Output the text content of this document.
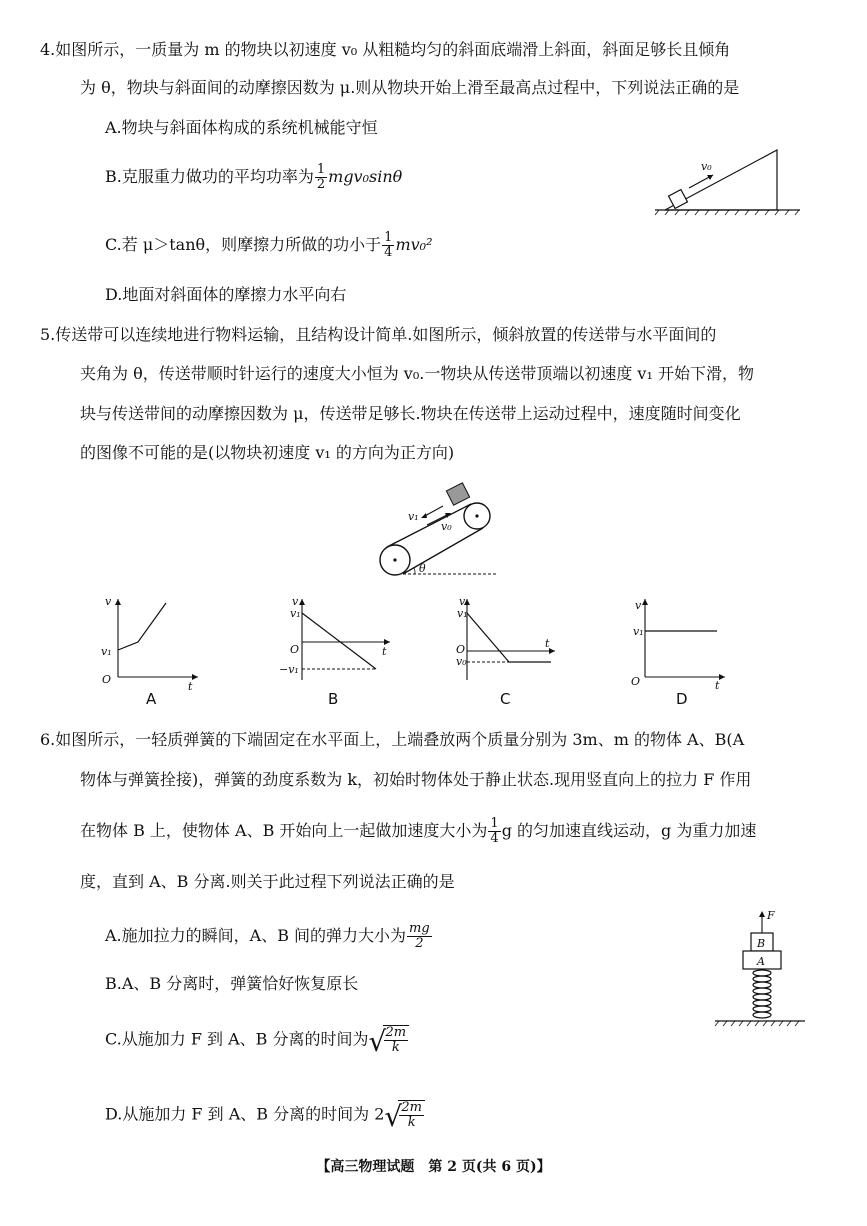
4.如图所示，一质量为 m 的物块以初速度 v₀ 从粗糙均匀的斜面底端滑上斜面，斜面足够长且倾角
为 θ，物块与斜面间的动摩擦因数为 μ.则从物块开始上滑至最高点过程中，下列说法正确的是
A.物块与斜面体构成的系统机械能守恒
B.克服重力做功的平均功率为 $\frac{1}{2} mgv_0\sin\theta$
C.若 μ＞tanθ，则摩擦力所做的功小于 $\frac{1}{4} mv_0^2$
D.地面对斜面体的摩擦力水平向右
v₀
5.传送带可以连续地进行物料运输，且结构设计简单.如图所示，倾斜放置的传送带与水平面间的
夹角为 θ，传送带顺时针运行的速度大小恒为 v₀.一物块从传送带顶端以初速度 v₁ 开始下滑，物
块与传送带间的动摩擦因数为 μ，传送带足够长.物块在传送带上运动过程中，速度随时间变化
的图像不可能的是(以物块初速度 v₁ 的方向为正方向)
v₁
v₀
θ
v
O
t
v₁
A
v
v₁
O	t
−v₁
B
v
v₁
O	t
v₀
C
v
O	t
v₁
D
6.如图所示，一轻质弹簧的下端固定在水平面上，上端叠放两个质量分别为 3m、m 的物体 A、B(A
物体与弹簧拴接)，弹簧的劲度系数为 k，初始时物体处于静止状态.现用竖直向上的拉力 F 作用
在物体 B 上，使物体 A、B 开始向上一起做加速度大小为 $\frac{1}{4}$ g 的匀加速直线运动，g 为重力加速
度，直到 A、B 分离.则关于此过程下列说法正确的是
A.施加拉力的瞬间，A、B 间的弹力大小为 $\frac{mg}{2}$
B.A、B 分离时，弹簧恰好恢复原长
C.从施加力 F 到 A、B 分离的时间为 √
$\frac{2m}{k}$
D.从施加力 F 到 A、B 分离的时间为 2 √
$\frac{2m}{k}$
F
B
A
【高三物理试题　第 2 页(共 6 页)】
